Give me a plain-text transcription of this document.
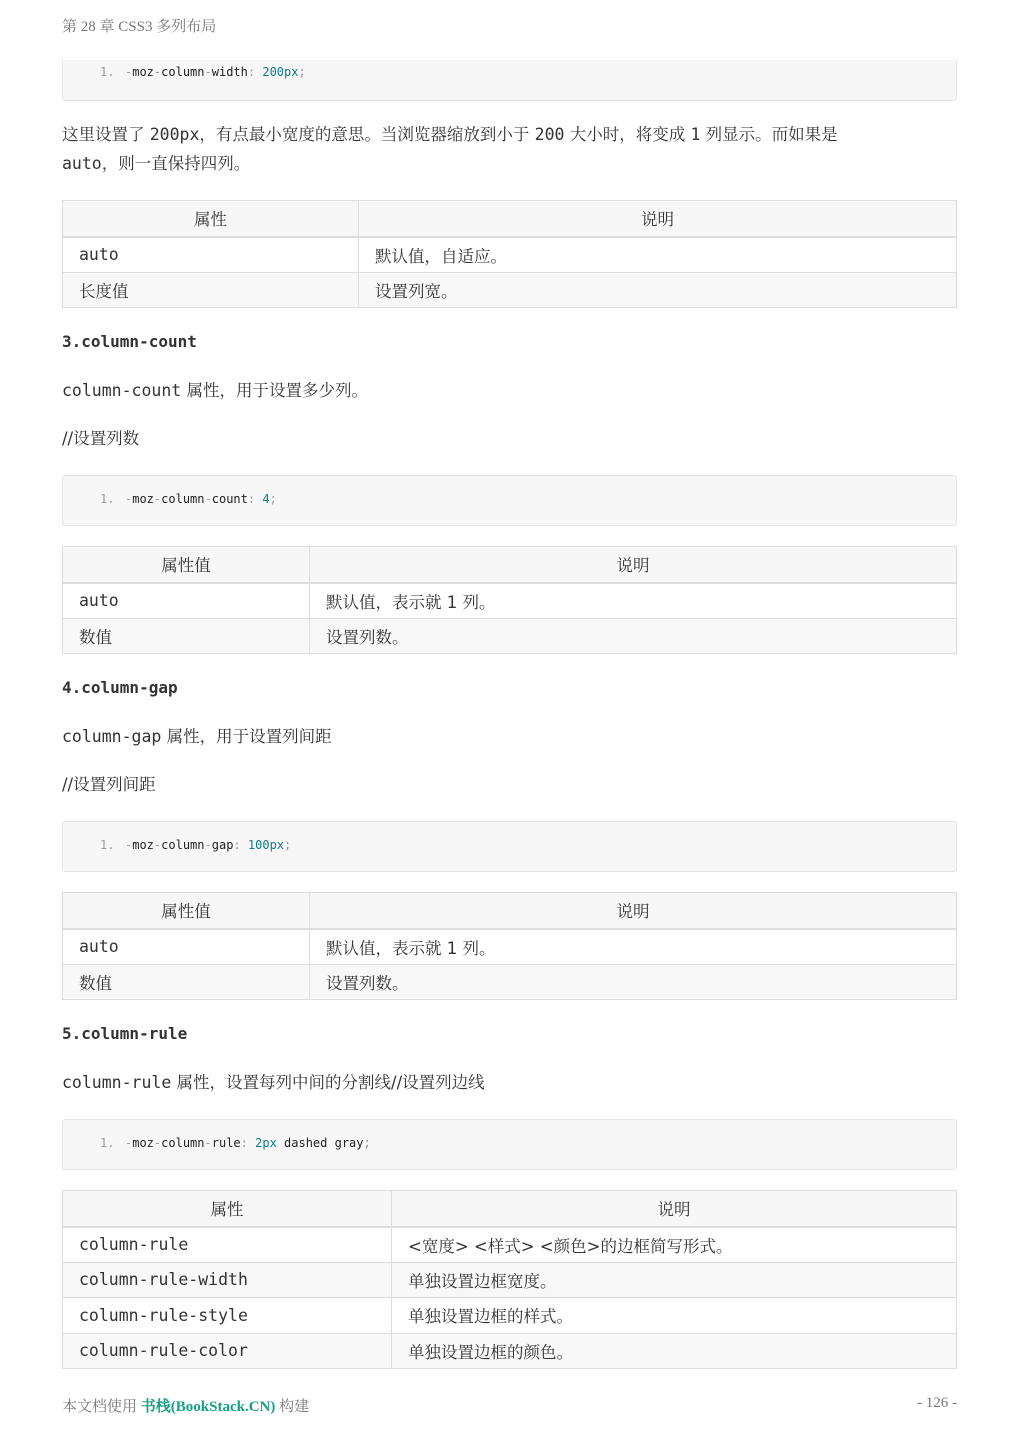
第 28 章 CSS3 多列布局
1. -moz-column-width: 200px;

这里设置了 200px，有点最小宽度的意思。当浏览器缩放到小于 200 大小时，将变成 1 列显示。而如果是
auto，则一直保持四列。

属性	说明
auto	默认值，自适应。
长度值	设置列宽。
3.column-count

column-count 属性，用于设置多少列。

//设置列数

1. -moz-column-count: 4;
属性值	说明
auto	默认值，表示就 1 列。
数值	设置列数。
4.column-gap

column-gap 属性，用于设置列间距

//设置列间距

1. -moz-column-gap: 100px;
属性值	说明
auto	默认值，表示就 1 列。
数值	设置列数。
5.column-rule

column-rule 属性，设置每列中间的分割线//设置列边线

1. -moz-column-rule: 2px dashed gray;
属性	说明
column-rule	<宽度> <样式> <颜色>的边框简写形式。
column-rule-width	单独设置边框宽度。
column-rule-style	单独设置边框的样式。
column-rule-color	单独设置边框的颜色。
本文档使用 书栈(BookStack.CN) 构建	- 126 -
